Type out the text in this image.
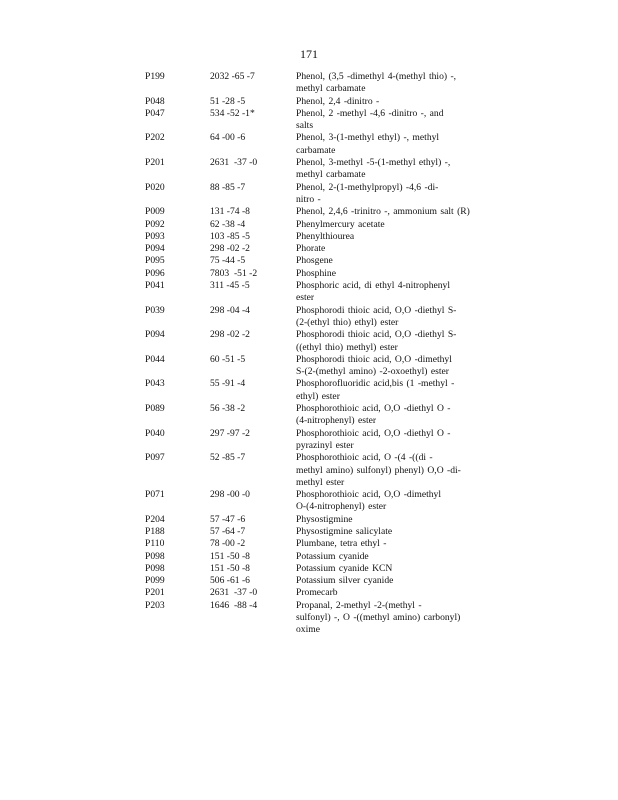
171
P199	2032 -65 -7	Phenol, (3,5 -dimethyl 4-(methyl thio) -,
methyl carbamate
P048	51 -28 -5	Phenol, 2,4 -dinitro -
P047	534 -52 -1*	Phenol, 2 -methyl -4,6 -dinitro -, and
salts
P202	64 -00 -6	Phenol, 3-(1-methyl ethyl) -, methyl
carbamate
P201	2631  -37 -0	Phenol, 3-methyl -5-(1-methyl ethyl) -,
methyl carbamate
P020	88 -85 -7	Phenol, 2-(1-methylpropyl) -4,6 -di-
nitro -
P009	131 -74 -8	Phenol, 2,4,6 -trinitro -, ammonium salt (R)
P092	62 -38 -4	Phenylmercury acetate
P093	103 -85 -5	Phenylthiourea
P094	298 -02 -2	Phorate
P095	75 -44 -5	Phosgene
P096	7803  -51 -2	Phosphine
P041	311 -45 -5	Phosphoric acid, di ethyl 4-nitrophenyl
ester
P039	298 -04 -4	Phosphorodi thioic acid, O,O -diethyl S-
(2-(ethyl thio) ethyl) ester
P094	298 -02 -2	Phosphorodi thioic acid, O,O -diethyl S-
((ethyl thio) methyl) ester
P044	60 -51 -5	Phosphorodi thioic acid, O,O -dimethyl
S-(2-(methyl amino) -2-oxoethyl) ester
P043	55 -91 -4	Phosphorofluoridic acid,bis (1 -methyl -
ethyl) ester
P089	56 -38 -2	Phosphorothioic acid, O,O -diethyl O -
(4-nitrophenyl) ester
P040	297 -97 -2	Phosphorothioic acid, O,O -diethyl O -
pyrazinyl ester
P097	52 -85 -7	Phosphorothioic acid, O -(4 -((di -
methyl amino) sulfonyl) phenyl) O,O -di-
methyl ester
P071	298 -00 -0	Phosphorothioic acid, O,O -dimethyl
O-(4-nitrophenyl) ester
P204	57 -47 -6	Physostigmine
P188	57 -64 -7	Physostigmine salicylate
P110	78 -00 -2	Plumbane, tetra ethyl -
P098	151 -50 -8	Potassium cyanide
P098	151 -50 -8	Potassium cyanide KCN
P099	506 -61 -6	Potassium silver cyanide
P201	2631  -37 -0	Promecarb
P203	1646  -88 -4	Propanal, 2-methyl -2-(methyl -
sulfonyl) -, O -((methyl amino) carbonyl)
oxime
